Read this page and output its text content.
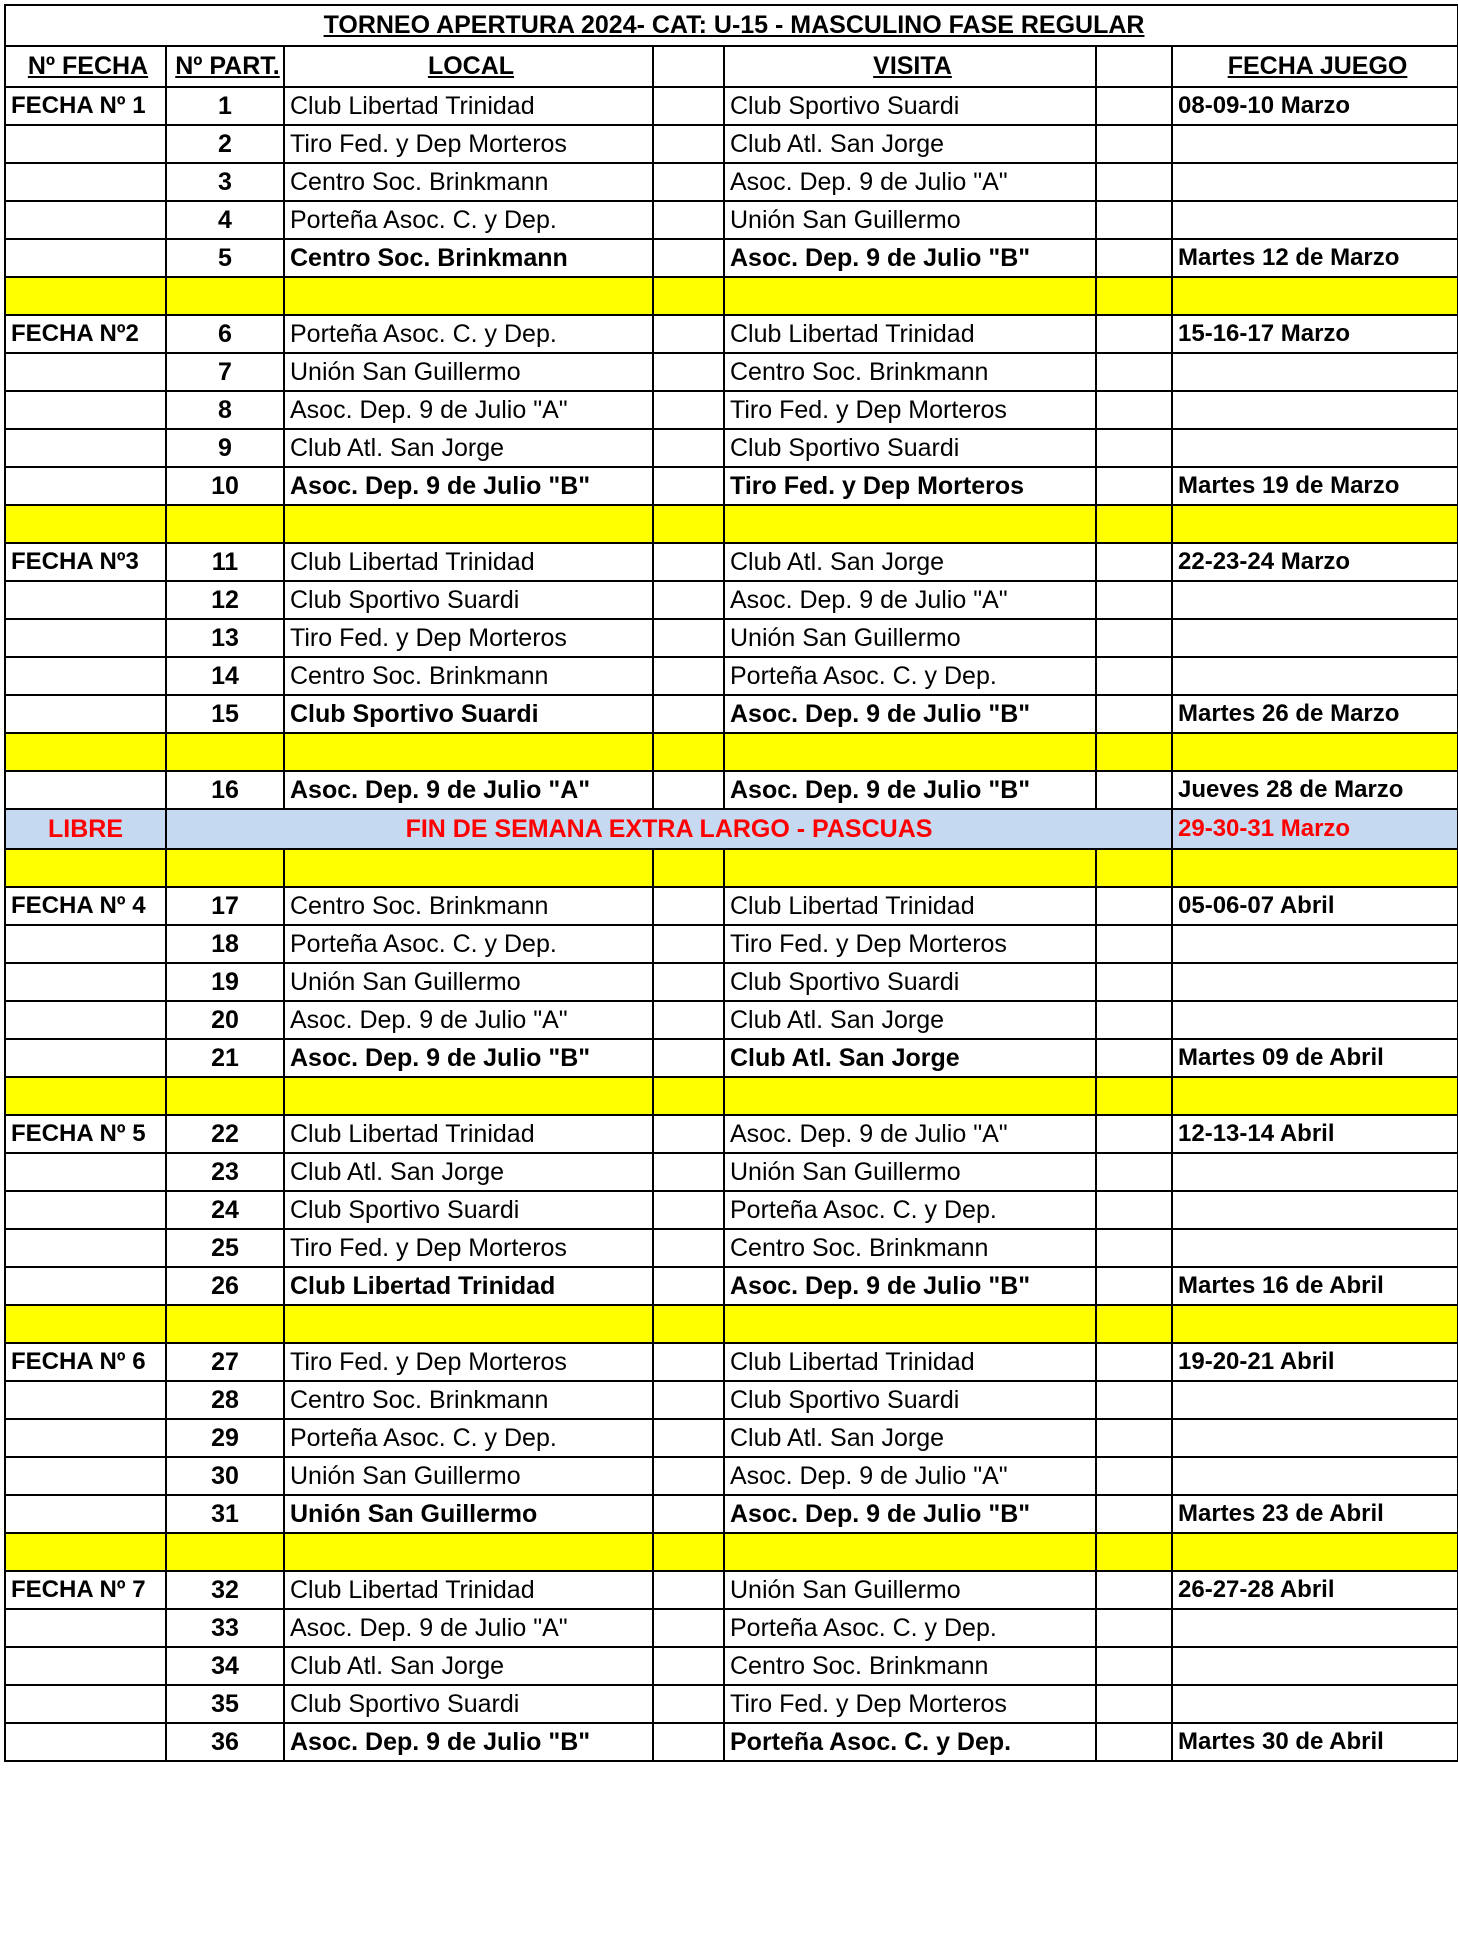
TORNEO APERTURA 2024- CAT: U-15 - MASCULINO FASE REGULAR						
Nº FECHA	Nº PART.	LOCAL		VISITA		FECHA JUEGO
FECHA Nº 1	1	Club Libertad Trinidad		Club Sportivo Suardi		08-09-10 Marzo
	2	Tiro Fed. y Dep Morteros		Club Atl. San Jorge		
	3	Centro Soc. Brinkmann		Asoc. Dep. 9 de Julio "A"		
	4	Porteña Asoc. C. y Dep.		Unión San Guillermo		
	5	Centro Soc. Brinkmann		Asoc. Dep. 9 de Julio "B"		Martes 12 de Marzo

FECHA Nº2	6	Porteña Asoc. C. y Dep.		Club Libertad Trinidad		15-16-17 Marzo
	7	Unión San Guillermo		Centro Soc. Brinkmann		
	8	Asoc. Dep. 9 de Julio "A"		Tiro Fed. y Dep Morteros		
	9	Club Atl. San Jorge		Club Sportivo Suardi		
	10	Asoc. Dep. 9 de Julio "B"		Tiro Fed. y Dep Morteros		Martes 19 de Marzo

FECHA Nº3	11	Club Libertad Trinidad		Club Atl. San Jorge		22-23-24 Marzo
	12	Club Sportivo Suardi		Asoc. Dep. 9 de Julio "A"		
	13	Tiro Fed. y Dep Morteros		Unión San Guillermo		
	14	Centro Soc. Brinkmann		Porteña Asoc. C. y Dep.		
	15	Club Sportivo Suardi		Asoc. Dep. 9 de Julio "B"		Martes 26 de Marzo

	16	Asoc. Dep. 9 de Julio "A"		Asoc. Dep. 9 de Julio "B"		Jueves 28 de Marzo
LIBRE	FIN DE SEMANA EXTRA LARGO - PASCUAS					29-30-31 Marzo

FECHA Nº 4	17	Centro Soc. Brinkmann		Club Libertad Trinidad		05-06-07 Abril
	18	Porteña Asoc. C. y Dep.		Tiro Fed. y Dep Morteros		
	19	Unión San Guillermo		Club Sportivo Suardi		
	20	Asoc. Dep. 9 de Julio "A"		Club Atl. San Jorge		
	21	Asoc. Dep. 9 de Julio "B"		Club Atl. San Jorge		Martes 09 de Abril

FECHA Nº 5	22	Club Libertad Trinidad		Asoc. Dep. 9 de Julio "A"		12-13-14 Abril
	23	Club Atl. San Jorge		Unión San Guillermo		
	24	Club Sportivo Suardi		Porteña Asoc. C. y Dep.		
	25	Tiro Fed. y Dep Morteros		Centro Soc. Brinkmann		
	26	Club Libertad Trinidad		Asoc. Dep. 9 de Julio "B"		Martes 16 de Abril

FECHA Nº 6	27	Tiro Fed. y Dep Morteros		Club Libertad Trinidad		19-20-21 Abril
	28	Centro Soc. Brinkmann		Club Sportivo Suardi		
	29	Porteña Asoc. C. y Dep.		Club Atl. San Jorge		
	30	Unión San Guillermo		Asoc. Dep. 9 de Julio "A"		
	31	Unión San Guillermo		Asoc. Dep. 9 de Julio "B"		Martes 23 de Abril

FECHA Nº 7	32	Club Libertad Trinidad		Unión San Guillermo		26-27-28 Abril
	33	Asoc. Dep. 9 de Julio "A"		Porteña Asoc. C. y Dep.		
	34	Club Atl. San Jorge		Centro Soc. Brinkmann		
	35	Club Sportivo Suardi		Tiro Fed. y Dep Morteros		
	36	Asoc. Dep. 9 de Julio "B"		Porteña Asoc. C. y Dep.		Martes 30 de Abril
